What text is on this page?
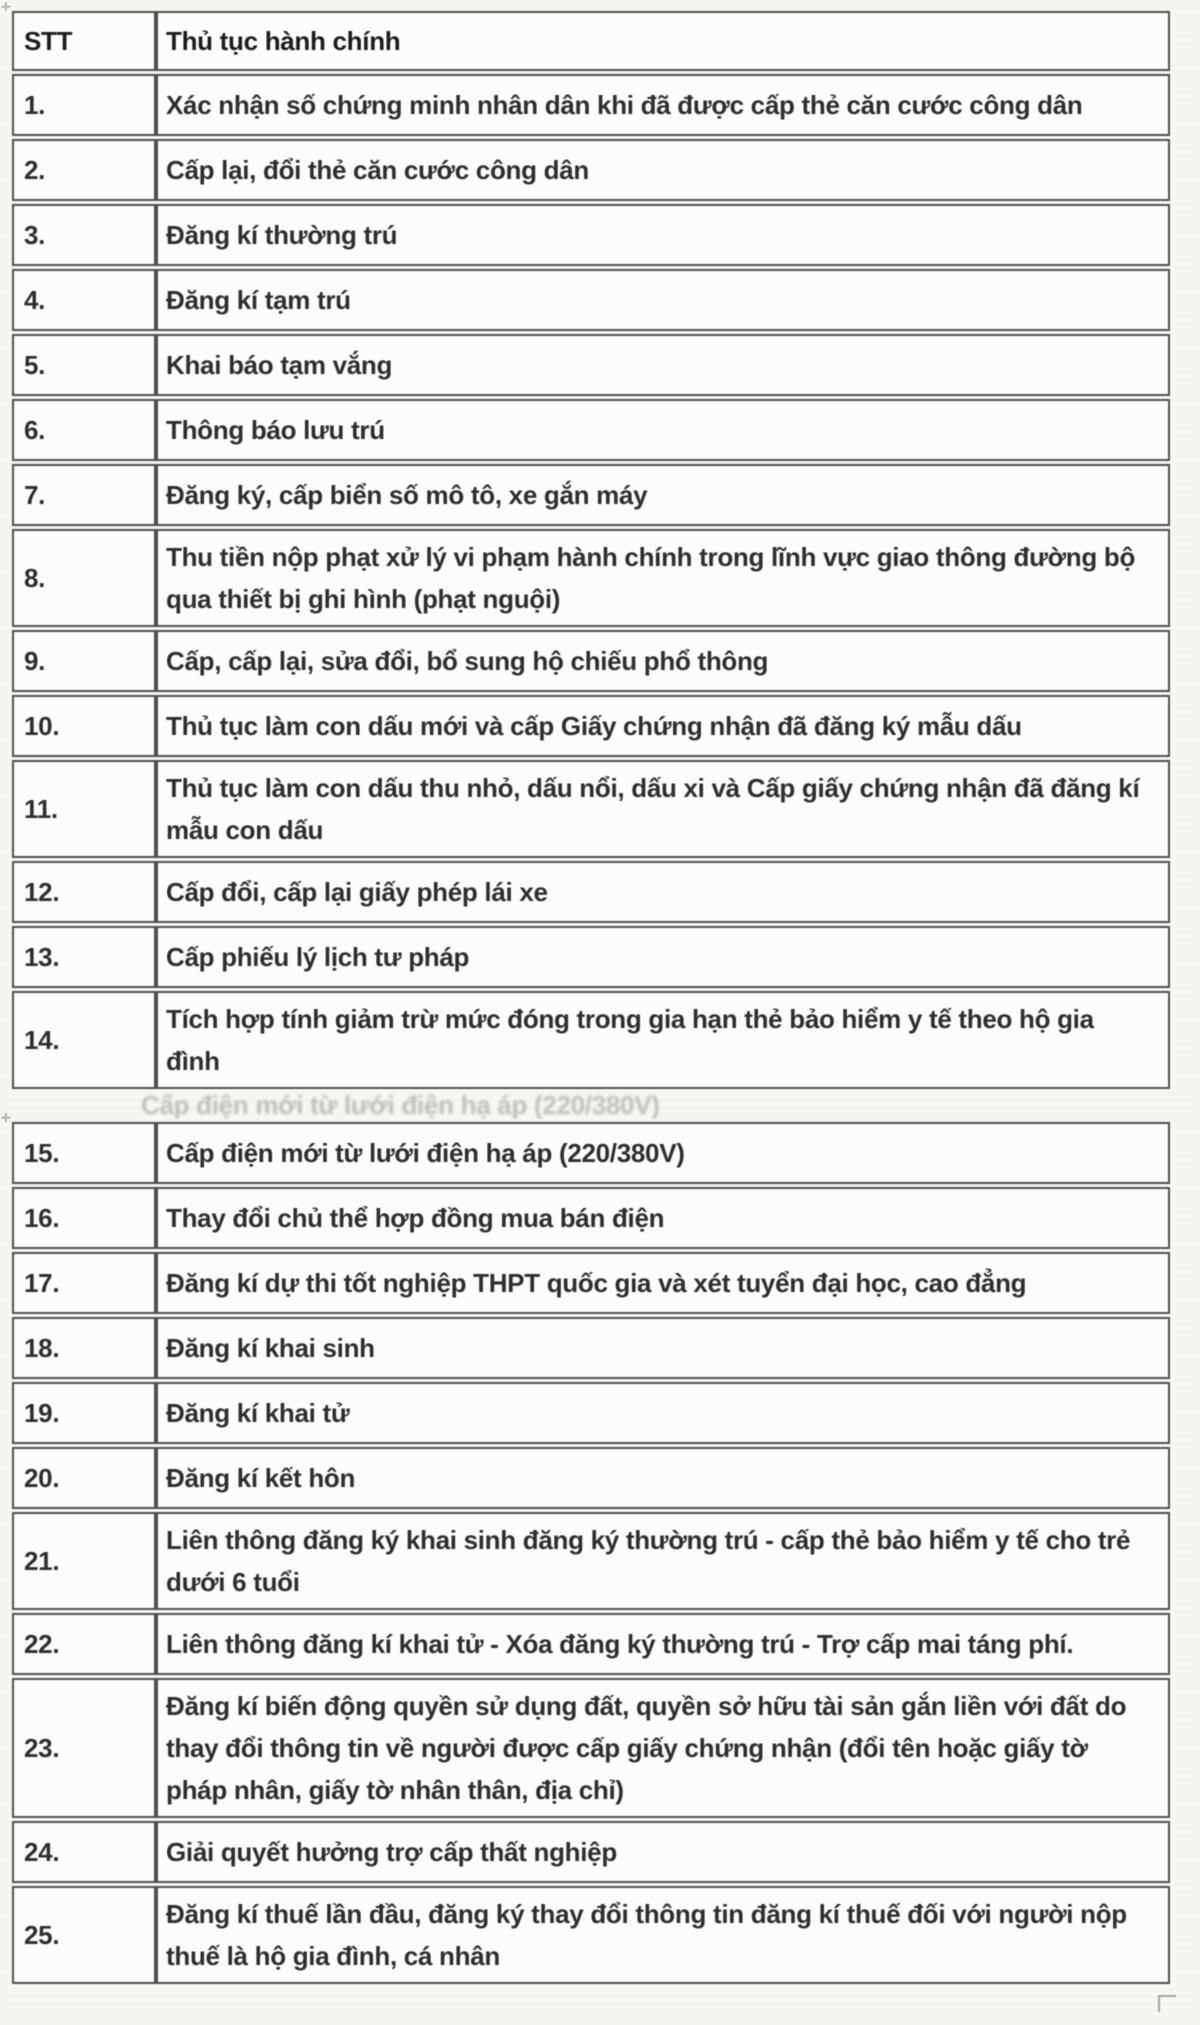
✛
STT	Thủ tục hành chính
1.	Xác nhận số chứng minh nhân dân khi đã được cấp thẻ căn cước công dân
2.	Cấp lại, đổi thẻ căn cước công dân
3.	Đăng kí thường trú
4.	Đăng kí tạm trú
5.	Khai báo tạm vắng
6.	Thông báo lưu trú
7.	Đăng ký, cấp biển số mô tô, xe gắn máy
8.	Thu tiền nộp phạt xử lý vi phạm hành chính trong lĩnh vực giao thông đường bộ qua thiết bị ghi hình (phạt nguội)
9.	Cấp, cấp lại, sửa đổi, bổ sung hộ chiếu phổ thông
10.	Thủ tục làm con dấu mới và cấp Giấy chứng nhận đã đăng ký mẫu dấu
11.	Thủ tục làm con dấu thu nhỏ, dấu nổi, dấu xi và Cấp giấy chứng nhận đã đăng kí mẫu con dấu
12.	Cấp đổi, cấp lại giấy phép lái xe
13.	Cấp phiếu lý lịch tư pháp
14.	Tích hợp tính giảm trừ mức đóng trong gia hạn thẻ bảo hiểm y tế theo hộ gia đình
Cấp điện mới từ lưới điện hạ áp (220/380V)
✛
15.	Cấp điện mới từ lưới điện hạ áp (220/380V)
16.	Thay đổi chủ thể hợp đồng mua bán điện
17.	Đăng kí dự thi tốt nghiệp THPT quốc gia và xét tuyển đại học, cao đẳng
18.	Đăng kí khai sinh
19.	Đăng kí khai tử
20.	Đăng kí kết hôn
21.	Liên thông đăng ký khai sinh đăng ký thường trú - cấp thẻ bảo hiểm y tế cho trẻ dưới 6 tuổi
22.	Liên thông đăng kí khai tử - Xóa đăng ký thường trú - Trợ cấp mai táng phí.
23.	Đăng kí biến động quyền sử dụng đất, quyền sở hữu tài sản gắn liền với đất do thay đổi thông tin về người được cấp giấy chứng nhận (đổi tên hoặc giấy tờ pháp nhân, giấy tờ nhân thân, địa chỉ)
24.	Giải quyết hưởng trợ cấp thất nghiệp
25.	Đăng kí thuế lần đầu, đăng ký thay đổi thông tin đăng kí thuế đối với người nộp thuế là hộ gia đình, cá nhân
